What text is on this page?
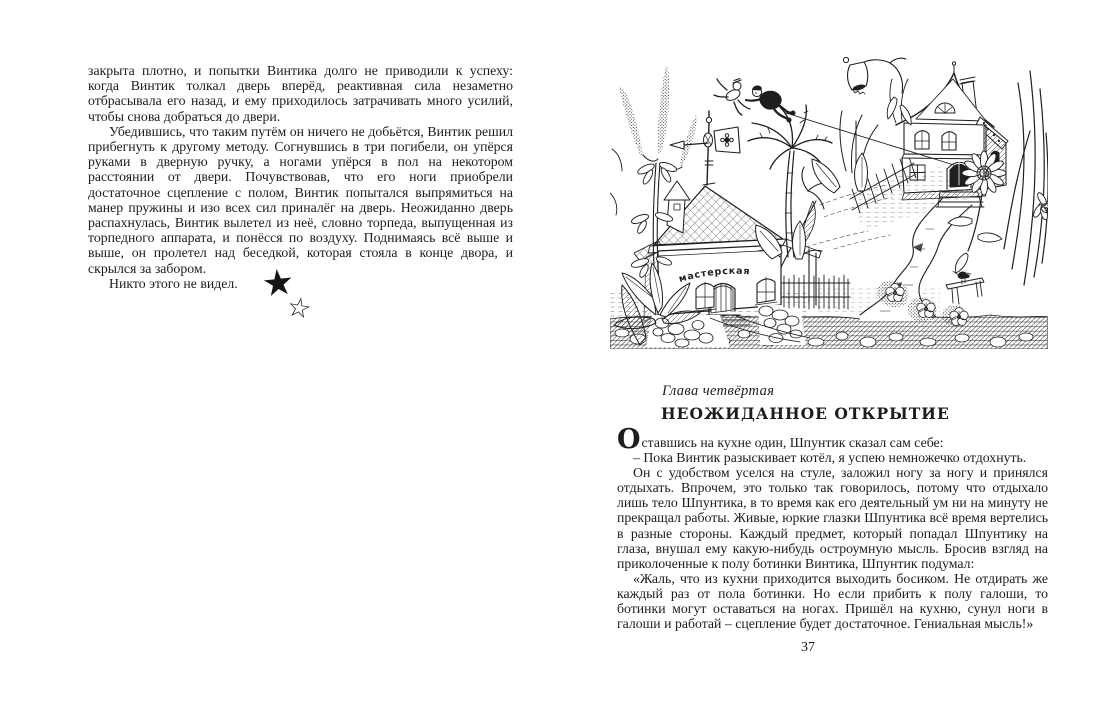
закрыта плотно, и попытки Винтика долго не приводили к успеху: когда Винтик толкал дверь вперёд, реактивная сила незаметно отбрасывала его назад, и ему приходилось затрачивать много усилий, чтобы снова добраться до двери.

Убедившись, что таким путём он ничего не добьётся, Винтик решил прибегнуть к другому методу. Согнувшись в три погибели, он упёрся руками в дверную ручку, а ногами упёрся в пол на некотором расстоянии от двери. Почувствовав, что его ноги приобрели достаточное сцепление с полом, Винтик попытался выпрямиться на манер пружины и изо всех сил приналёг на дверь. Неожиданно дверь распахнулась, Винтик вылетел из неё, словно торпеда, выпущенная из торпедного аппарата, и понёсся по воздуху. Поднимаясь всё выше и выше, он пролетел над беседкой, которая стояла в конце двора, и скрылся за забором.

Никто этого не видел. ★
☆
мастерская
Глава четвёртая
НЕОЖИДАННОЕ ОТКРЫТИЕ

Оставшись на кухне один, Шпунтик сказал сам себе:

– Пока Винтик разыскивает котёл, я успею немножечко отдохнуть.

Он с удобством уселся на стуле, заложил ногу за ногу и принялся отдыхать. Впрочем, это только так говорилось, потому что отдыхало лишь тело Шпунтика, в то время как его деятельный ум ни на минуту не прекращал работы. Живые, юркие глазки Шпунтика всё время вертелись в разные стороны. Каждый предмет, который попадал Шпунтику на глаза, внушал ему какую-нибудь остроумную мысль. Бросив взгляд на приколоченные к полу ботинки Винтика, Шпунтик подумал:

«Жаль, что из кухни приходится выходить босиком. Не отдирать же каждый раз от пола ботинки. Но если прибить к полу галоши, то ботинки могут оставаться на ногах. Пришёл на кухню, сунул ноги в галоши и работай – сцепление будет достаточное. Гениальная мысль!»

37
